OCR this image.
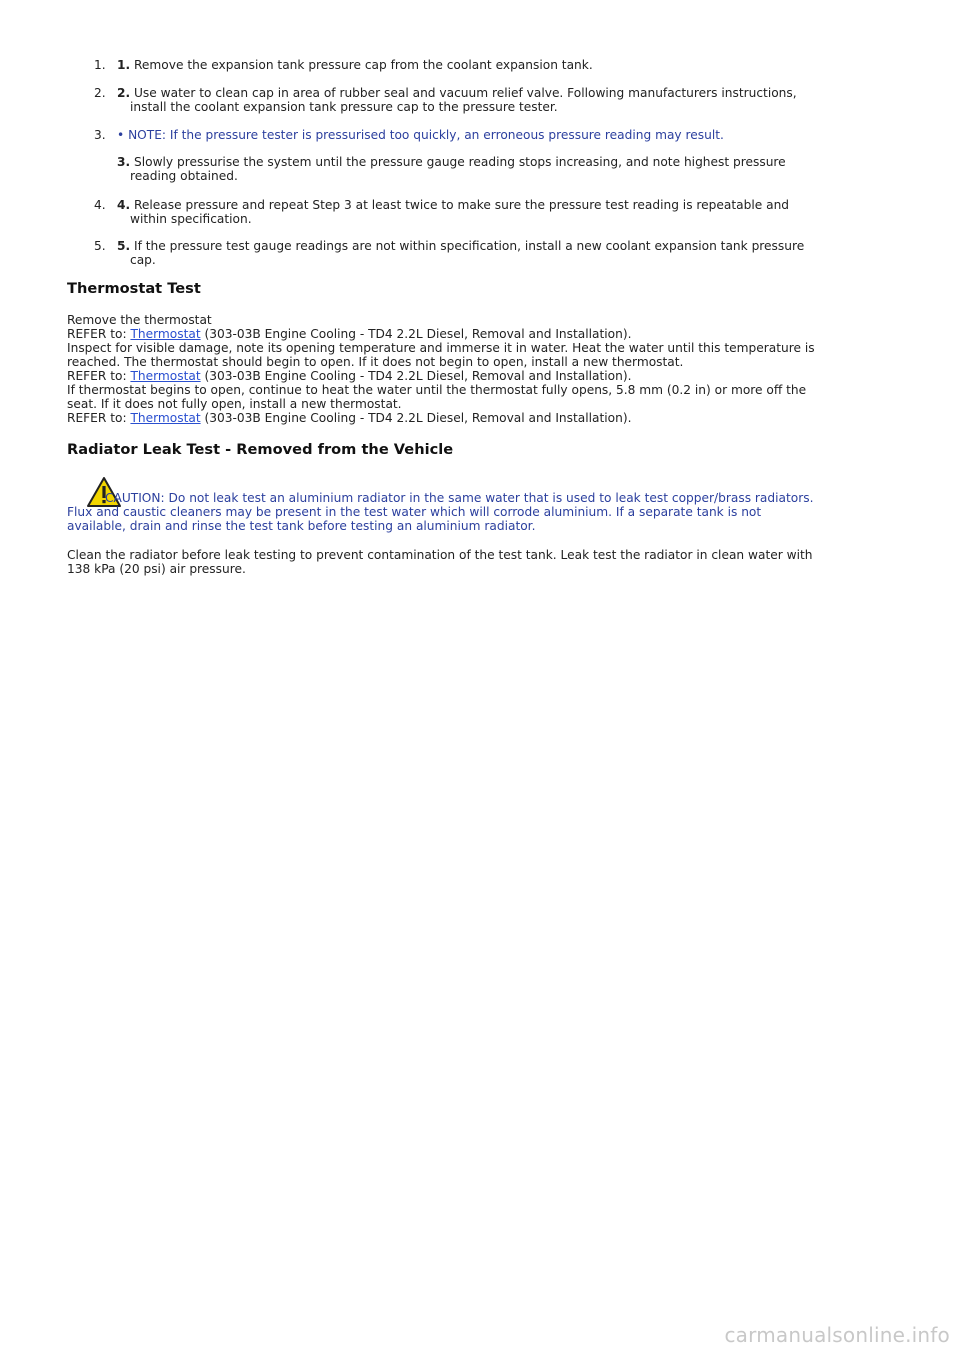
1. 1. Remove the expansion tank pressure cap from the coolant expansion tank.
2. 2. Use water to clean cap in area of rubber seal and vacuum relief valve. Following manufacturers instructions,
install the coolant expansion tank pressure cap to the pressure tester.
3. • NOTE: If the pressure tester is pressurised too quickly, an erroneous pressure reading may result.
3. Slowly pressurise the system until the pressure gauge reading stops increasing, and note highest pressure
reading obtained.
4. 4. Release pressure and repeat Step 3 at least twice to make sure the pressure test reading is repeatable and
within specification.
5. 5. If the pressure test gauge readings are not within specification, install a new coolant expansion tank pressure
cap.
Thermostat Test
Remove the thermostat
REFER to: Thermostat (303-03B Engine Cooling - TD4 2.2L Diesel, Removal and Installation).
Inspect for visible damage, note its opening temperature and immerse it in water. Heat the water until this temperature is
reached. The thermostat should begin to open. If it does not begin to open, install a new thermostat.
REFER to: Thermostat (303-03B Engine Cooling - TD4 2.2L Diesel, Removal and Installation).
If thermostat begins to open, continue to heat the water until the thermostat fully opens, 5.8 mm (0.2 in) or more off the
seat. If it does not fully open, install a new thermostat.
REFER to: Thermostat (303-03B Engine Cooling - TD4 2.2L Diesel, Removal and Installation).
Radiator Leak Test - Removed from the Vehicle
CAUTION: Do not leak test an aluminium radiator in the same water that is used to leak test copper/brass radiators.
Flux and caustic cleaners may be present in the test water which will corrode aluminium. If a separate tank is not
available, drain and rinse the test tank before testing an aluminium radiator.
Clean the radiator before leak testing to prevent contamination of the test tank. Leak test the radiator in clean water with
138 kPa (20 psi) air pressure.
carmanualsonline.info
